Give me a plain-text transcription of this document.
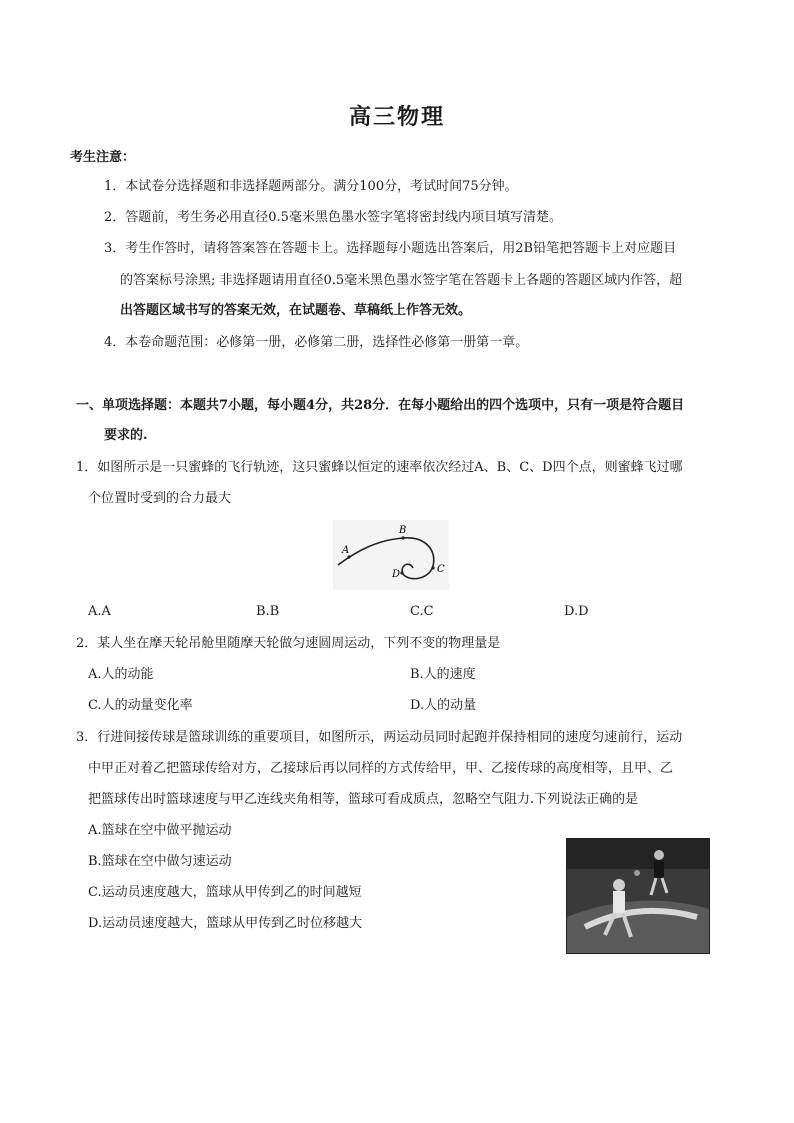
高三物理
考生注意：
1．本试卷分选择题和非选择题两部分。满分100分，考试时间75分钟。
2．答题前，考生务必用直径0.5毫米黑色墨水签字笔将密封线内项目填写清楚。
3．考生作答时，请将答案答在答题卡上。选择题每小题选出答案后，用2B铅笔把答题卡上对应题目
的答案标号涂黑; 非选择题请用直径0.5毫米黑色墨水签字笔在答题卡上各题的答题区域内作答，超
出答题区域书写的答案无效，在试题卷、草稿纸上作答无效。
4．本卷命题范围：必修第一册，必修第二册，选择性必修第一册第一章。
一、单项选择题：本题共7小题，每小题4分，共28分．在每小题给出的四个选项中，只有一项是符合题目
要求的.
1．如图所示是一只蜜蜂的飞行轨迹，这只蜜蜂以恒定的速率依次经过A、B、C、D四个点，则蜜蜂飞过哪
个位置时受到的合力最大
A
B
C
D
A.A	B.B	C.C	D.D
2．某人坐在摩天轮吊舱里随摩天轮做匀速圆周运动，下列不变的物理量是
A.人的动能	B.人的速度
C.人的动量变化率	D.人的动量
3．行进间接传球是篮球训练的重要项目，如图所示，两运动员同时起跑并保持相同的速度匀速前行，运动
中甲正对着乙把篮球传给对方，乙接球后再以同样的方式传给甲，甲、乙接传球的高度相等，且甲、乙
把篮球传出时篮球速度与甲乙连线夹角相等，篮球可看成质点，忽略空气阻力.下列说法正确的是
A.篮球在空中做平抛运动
B.篮球在空中做匀速运动
C.运动员速度越大，篮球从甲传到乙的时间越短
D.运动员速度越大，篮球从甲传到乙时位移越大
